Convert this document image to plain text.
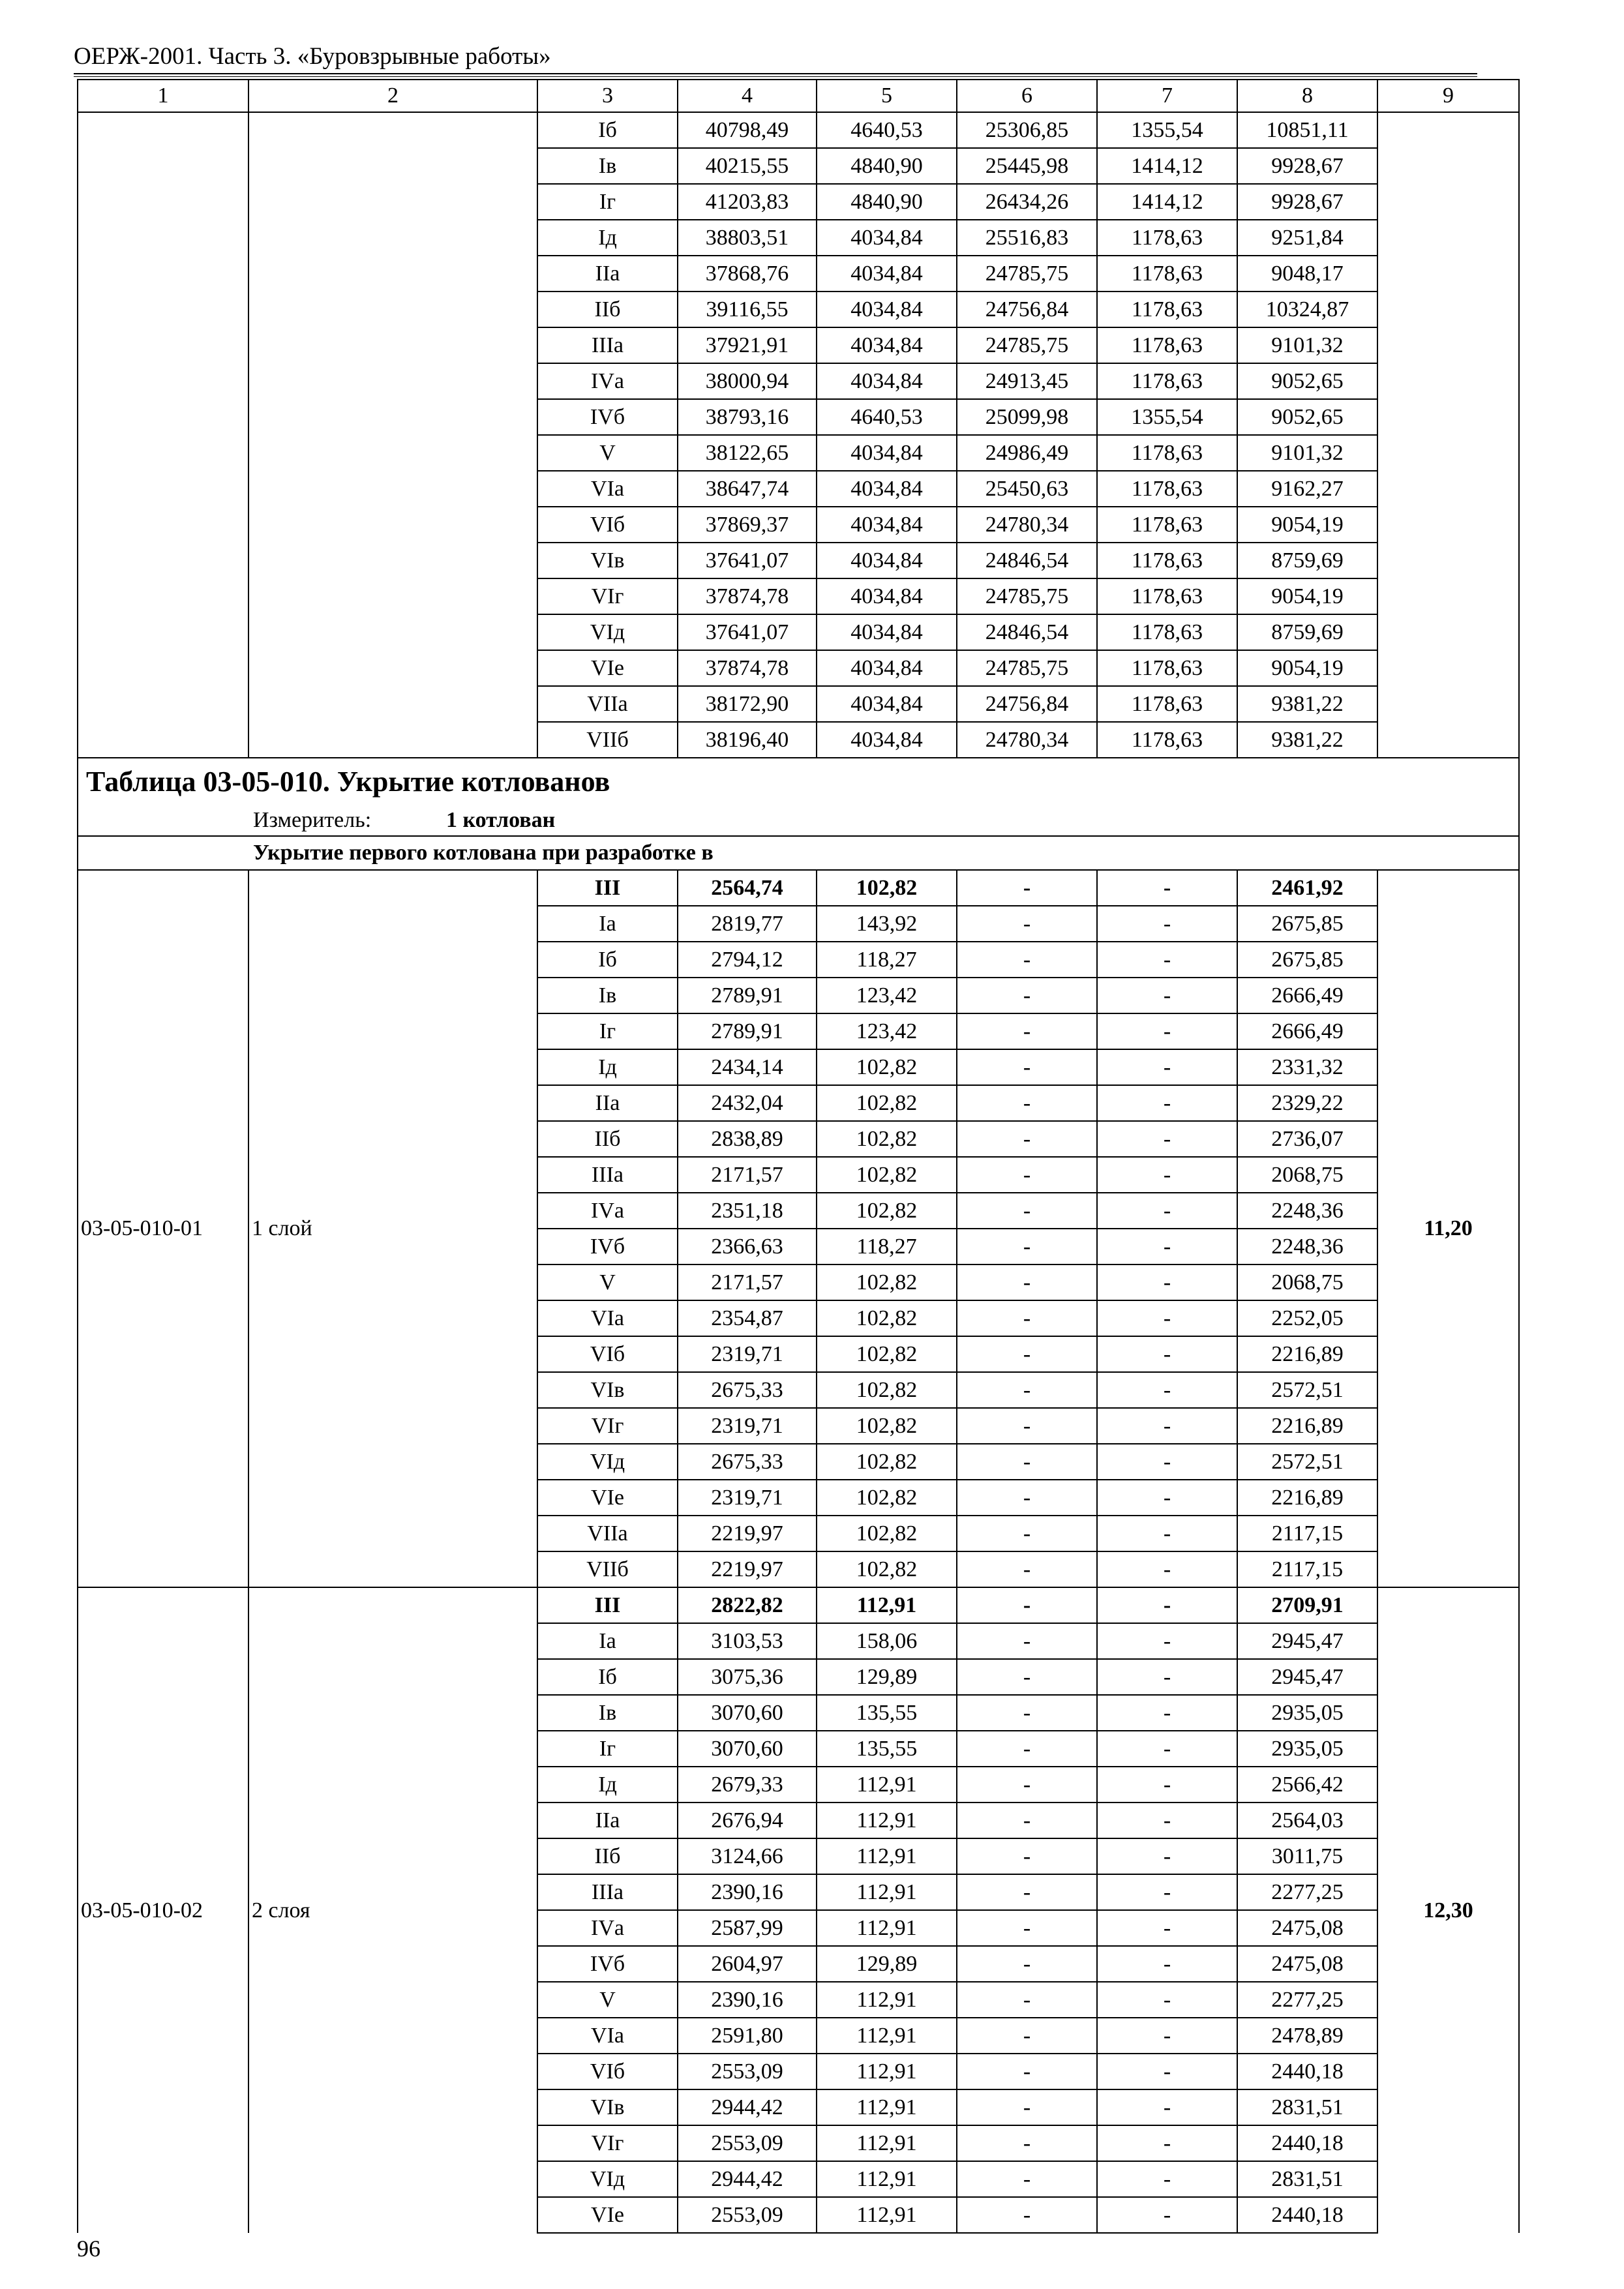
ОЕРЖ-2001. Часть 3. «Буровзрывные работы»
1	2	3	4	5	6	7	8	9
		Iб	40798,49	4640,53	25306,85	1355,54	10851,11	
		Iв	40215,55	4840,90	25445,98	1414,12	9928,67	
		Iг	41203,83	4840,90	26434,26	1414,12	9928,67	
		Iд	38803,51	4034,84	25516,83	1178,63	9251,84	
		IIа	37868,76	4034,84	24785,75	1178,63	9048,17	
		IIб	39116,55	4034,84	24756,84	1178,63	10324,87	
		IIIа	37921,91	4034,84	24785,75	1178,63	9101,32	
		IVа	38000,94	4034,84	24913,45	1178,63	9052,65	
		IVб	38793,16	4640,53	25099,98	1355,54	9052,65	
		V	38122,65	4034,84	24986,49	1178,63	9101,32	
		VIа	38647,74	4034,84	25450,63	1178,63	9162,27	
		VIб	37869,37	4034,84	24780,34	1178,63	9054,19	
		VIв	37641,07	4034,84	24846,54	1178,63	8759,69	
		VIг	37874,78	4034,84	24785,75	1178,63	9054,19	
		VIд	37641,07	4034,84	24846,54	1178,63	8759,69	
		VIе	37874,78	4034,84	24785,75	1178,63	9054,19	
		VIIа	38172,90	4034,84	24756,84	1178,63	9381,22	
		VIIб	38196,40	4034,84	24780,34	1178,63	9381,22	
Таблица 03-05-010. Укрытие котлованов								
Измеритель: 1 котлован								
Укрытие первого котлована при разработке в								
03-05-010-01	1 слой	III	2564,74	102,82	-	-	2461,92	11,20
		Iа	2819,77	143,92	-	-	2675,85	
		Iб	2794,12	118,27	-	-	2675,85	
		Iв	2789,91	123,42	-	-	2666,49	
		Iг	2789,91	123,42	-	-	2666,49	
		Iд	2434,14	102,82	-	-	2331,32	
		IIа	2432,04	102,82	-	-	2329,22	
		IIб	2838,89	102,82	-	-	2736,07	
		IIIа	2171,57	102,82	-	-	2068,75	
		IVа	2351,18	102,82	-	-	2248,36	
		IVб	2366,63	118,27	-	-	2248,36	
		V	2171,57	102,82	-	-	2068,75	
		VIа	2354,87	102,82	-	-	2252,05	
		VIб	2319,71	102,82	-	-	2216,89	
		VIв	2675,33	102,82	-	-	2572,51	
		VIг	2319,71	102,82	-	-	2216,89	
		VIд	2675,33	102,82	-	-	2572,51	
		VIе	2319,71	102,82	-	-	2216,89	
		VIIа	2219,97	102,82	-	-	2117,15	
		VIIб	2219,97	102,82	-	-	2117,15	
03-05-010-02	2 слоя	III	2822,82	112,91	-	-	2709,91	12,30
		Iа	3103,53	158,06	-	-	2945,47	
		Iб	3075,36	129,89	-	-	2945,47	
		Iв	3070,60	135,55	-	-	2935,05	
		Iг	3070,60	135,55	-	-	2935,05	
		Iд	2679,33	112,91	-	-	2566,42	
		IIа	2676,94	112,91	-	-	2564,03	
		IIб	3124,66	112,91	-	-	3011,75	
		IIIа	2390,16	112,91	-	-	2277,25	
		IVа	2587,99	112,91	-	-	2475,08	
		IVб	2604,97	129,89	-	-	2475,08	
		V	2390,16	112,91	-	-	2277,25	
		VIа	2591,80	112,91	-	-	2478,89	
		VIб	2553,09	112,91	-	-	2440,18	
		VIв	2944,42	112,91	-	-	2831,51	
		VIг	2553,09	112,91	-	-	2440,18	
		VIд	2944,42	112,91	-	-	2831,51	
		VIе	2553,09	112,91	-	-	2440,18	
96
